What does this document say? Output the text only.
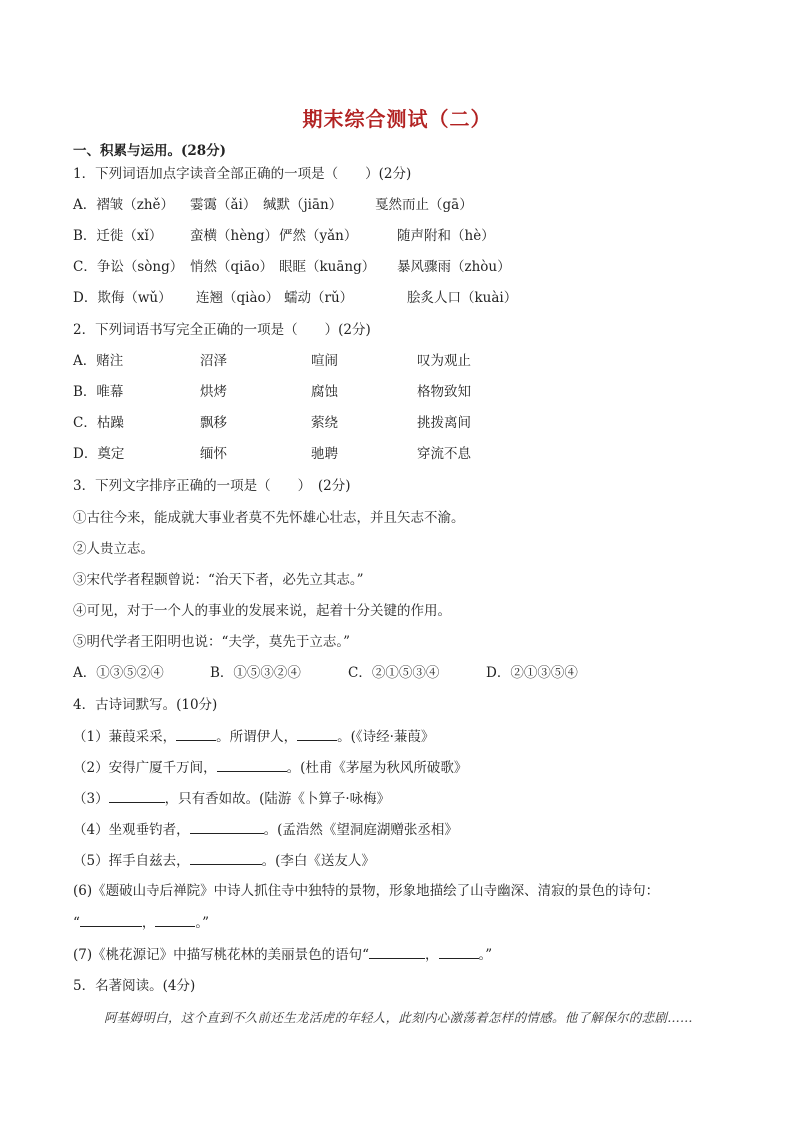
期末综合测试（二）
一、积累与运用。(28分)
1．下列词语加点字读音全部正确的一项是（　　）(2分)
A．褶皱（zhě） 霎霭（ǎi） 缄默（jiān） 戛然而止（gā）
B．迁徙（xǐ） 蛮横（hèng） 俨然（yǎn）	随声附和（hè）
C．争讼（sòng） 悄然（qiāo） 眼眶（kuāng） 暴风骤雨（zhòu）
D．欺侮（wǔ） 连翘（qiào） 蠕动（rǔ）	脍炙人口（kuài）
2．下列词语书写完全正确的一项是（　　）(2分)
A．赌注	沼泽	喧闹	叹为观止
B．唯幕	烘烤	腐蚀	格物致知
C．枯躁	飘移	萦绕	挑拨离间
D．奠定	缅怀	驰聘	穿流不息
3．下列文字排序正确的一项是（　　）　(2分)
①古往今来，能成就大事业者莫不先怀雄心壮志，并且矢志不渝。
②人贵立志。
③宋代学者程颢曾说：“治天下者，必先立其志。”
④可见，对于一个人的事业的发展来说，起着十分关键的作用。
⑤明代学者王阳明也说：“夫学，莫先于立志。”
A．①③⑤②④	B．①⑤③②④	C．②①⑤③④	D．②①③⑤④
4．古诗词默写。(10分)
（1）蒹葭采采，	。所谓伊人，	。(《诗经·蒹葭》
（2）安得广厦千万间，	。(杜甫《茅屋为秋风所破歌》
（3）	，只有香如故。(陆游《卜算子·咏梅》
（4）坐观垂钓者，	。(孟浩然《望洞庭湖赠张丞相》
（5）挥手自兹去，	。(李白《送友人》
(6)《题破山寺后禅院》中诗人抓住寺中独特的景物，形象地描绘了山寺幽深、清寂的景色的诗句：
“	，	。”
(7)《桃花源记》中描写桃花林的美丽景色的语句“	，	。”
5．名著阅读。(4分)
阿基姆明白，这个直到不久前还生龙活虎的年轻人，此刻内心激荡着怎样的情感。他了解保尔的悲剧……
